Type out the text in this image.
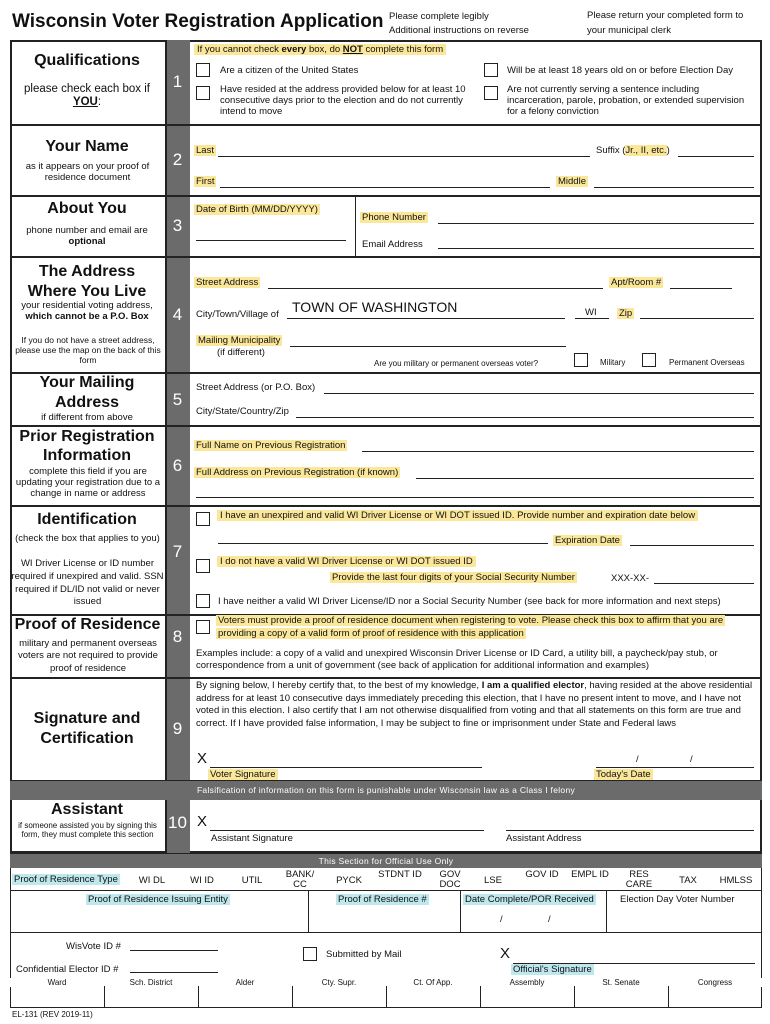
Wisconsin Voter Registration Application Please complete legibly
Additional instructions on reverse
Please return your completed form to
your municipal clerk
Qualifications
please check each box if
YOU:
1
If you cannot check every box, do NOT complete this form
Are a citizen of the United States
Have resided at the address provided below for at least 10 consecutive days prior to the election and do not currently intend to move
Will be at least 18 years old on or before Election Day
Are not currently serving a sentence including incarceration, parole, probation, or extended supervision for a felony conviction
Your Name
as it appears on your proof of residence document
2	Last	Suffix (Jr., II, etc.)
First	Middle
About You
phone number and email are
optional
3
Date of Birth (MM/DD/YYYY)
Phone Number
Email Address
The Address
Where You Live
your residential voting address,
which cannot be a P.O. Box
If you do not have a street address, please use the map on the back of this form
4
Street Address	Apt/Room #
City/Town/Village of TOWN OF WASHINGTON	WI Zip
Mailing Municipality
(if different)
Are you military or permanent overseas voter?	Military	Permanent Overseas
Your Mailing
Address
if different from above
5
Street Address (or P.O. Box)
City/State/Country/Zip
Prior Registration
Information
complete this field if you are updating your registration due to a change in name or address
6
Full Name on Previous Registration
Full Address on Previous Registration (if known)
Identification
(check the box that applies to you)
WI Driver License or ID number required if unexpired and valid. SSN required if DL/ID not valid or never issued
7
I have an unexpired and valid WI Driver License or WI DOT issued ID. Provide number and expiration date below
Expiration Date
I do not have a valid WI Driver License or WI DOT issued ID
Provide the last four digits of your Social Security Number	XXX-XX-
I have neither a valid WI Driver License/ID nor a Social Security Number (see back for more information and next steps)
Proof of Residence
military and permanent overseas voters are not required to provide proof of residence
8
Voters must provide a proof of residence document when registering to vote. Please check this box to affirm that you are providing a copy of a valid form of proof of residence with this application
Examples include: a copy of a valid and unexpired Wisconsin Driver License or ID Card, a utility bill, a paycheck/pay stub, or correspondence from a unit of government (see back of application for additional information and examples)
Signature and
Certification
9
By signing below, I hereby certify that, to the best of my knowledge, I am a qualified elector, having resided at the above residential address for at least 10 consecutive days immediately preceding this election, that I have no present intent to move, and I have not voted in this election. I also certify that I am not otherwise disqualified from voting and that all statements on this form are true and correct. If I have provided false information, I may be subject to fine or imprisonment under State and Federal laws
X	/	/
Voter Signature	Today's Date
Falsification of information on this form is punishable under Wisconsin law as a Class I felony
Assistant
if someone assisted you by signing this form, they must complete this section
10 X
Assistant Signature	Assistant Address
This Section for Official Use Only
Proof of Residence Type	WI DL	WI ID	UTIL
BANK/ CC	PYCK
STDNT ID	GOV DOC	LSE
GOV ID	EMPL ID	RES CARE	TAX	HMLSS
Proof of Residence Issuing Entity	Proof of Residence #	Date Complete/POR Received
/	/
Election Day Voter Number
WisVote ID #
Confidential Elector ID #
Submitted by Mail	X
Official's Signature
Ward	Sch. District	Alder	Cty. Supr.	Ct. Of App.	Assembly	St. Senate	Congress
EL-131 (REV 2019-11)
